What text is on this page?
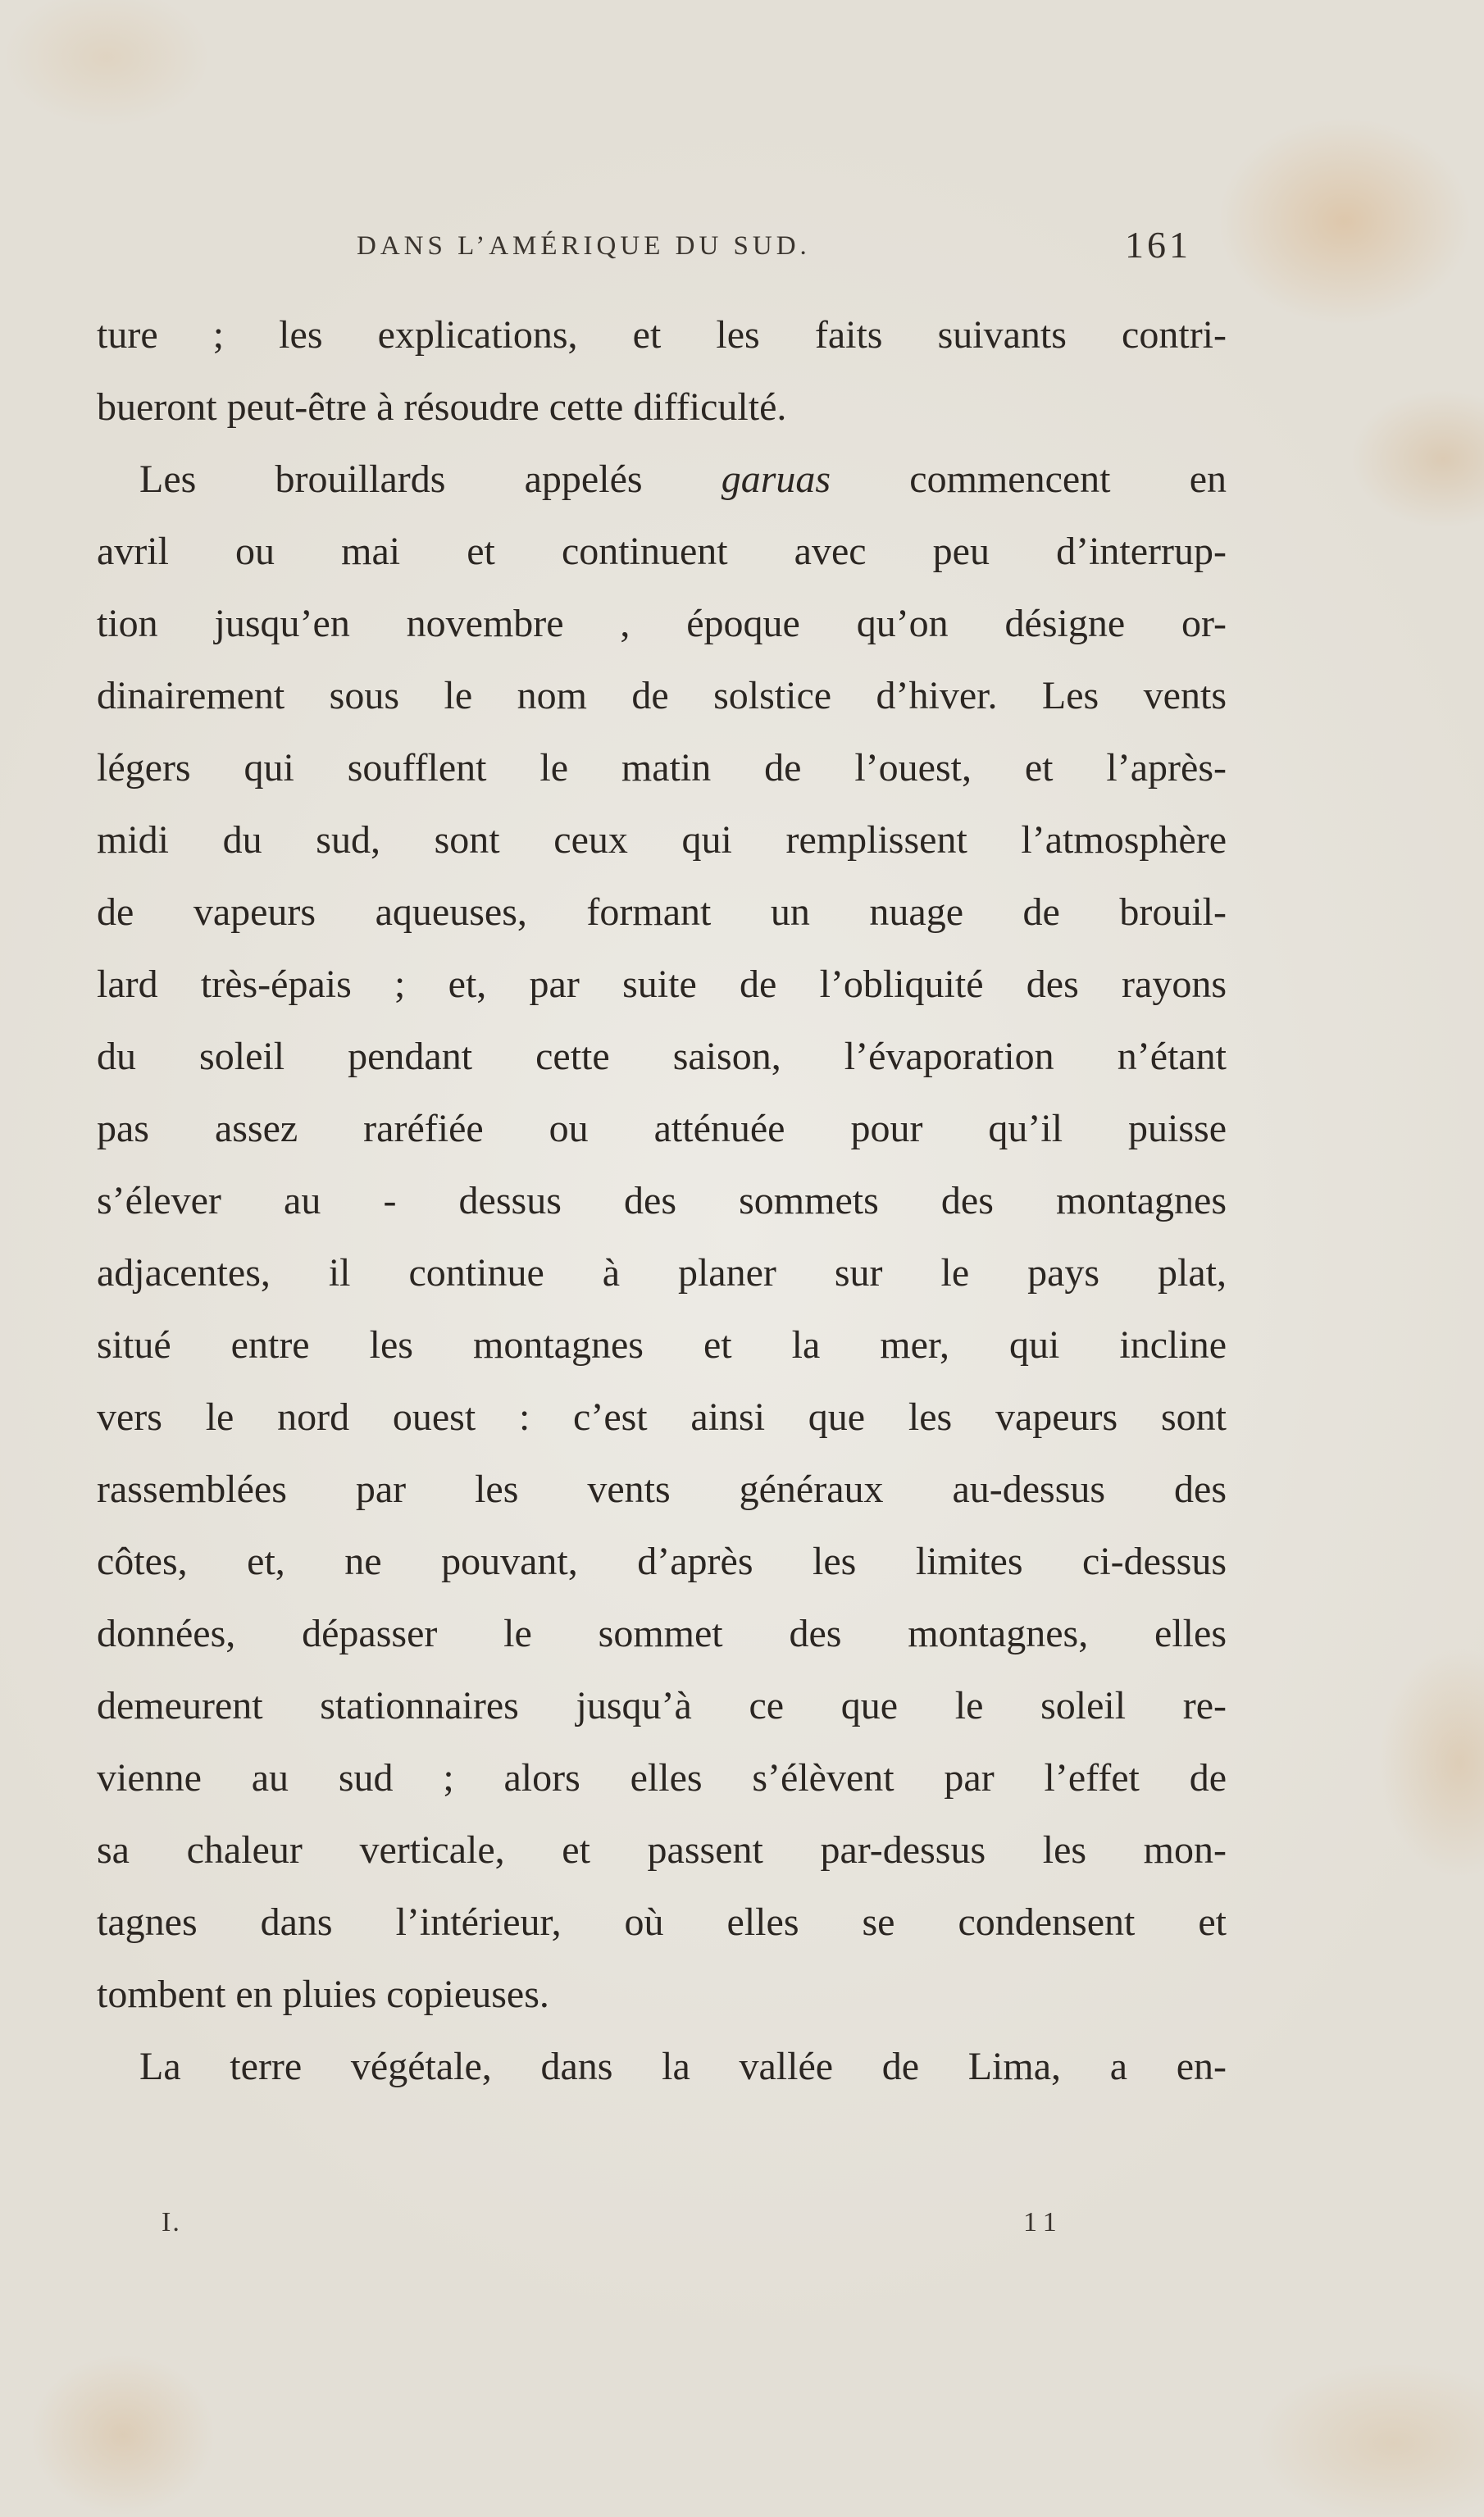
DANS L’AMÉRIQUE DU SUD.	161
ture ; les explications, et les faits suivants contri-
bueront peut-être à résoudre cette difficulté.
Les brouillards appelés garuas commencent en
avril ou mai et continuent avec peu d’interrup-
tion jusqu’en novembre , époque qu’on désigne or-
dinairement sous le nom de solstice d’hiver. Les vents
légers qui soufflent le matin de l’ouest, et l’après-
midi du sud, sont ceux qui remplissent l’atmosphère
de vapeurs aqueuses, formant un nuage de brouil-
lard très-épais ; et, par suite de l’obliquité des rayons
du soleil pendant cette saison, l’évaporation n’étant
pas assez raréfiée ou atténuée pour qu’il puisse
s’élever au - dessus des sommets des montagnes
adjacentes, il continue à planer sur le pays plat,
situé entre les montagnes et la mer, qui incline
vers le nord ouest : c’est ainsi que les vapeurs sont
rassemblées par les vents généraux au-dessus des
côtes, et, ne pouvant, d’après les limites ci-dessus
données, dépasser le sommet des montagnes, elles
demeurent stationnaires jusqu’à ce que le soleil re-
vienne au sud ; alors elles s’élèvent par l’effet de
sa chaleur verticale, et passent par-dessus les mon-
tagnes dans l’intérieur, où elles se condensent et
tombent en pluies copieuses.
La terre végétale, dans la vallée de Lima, a en-
I.	11
